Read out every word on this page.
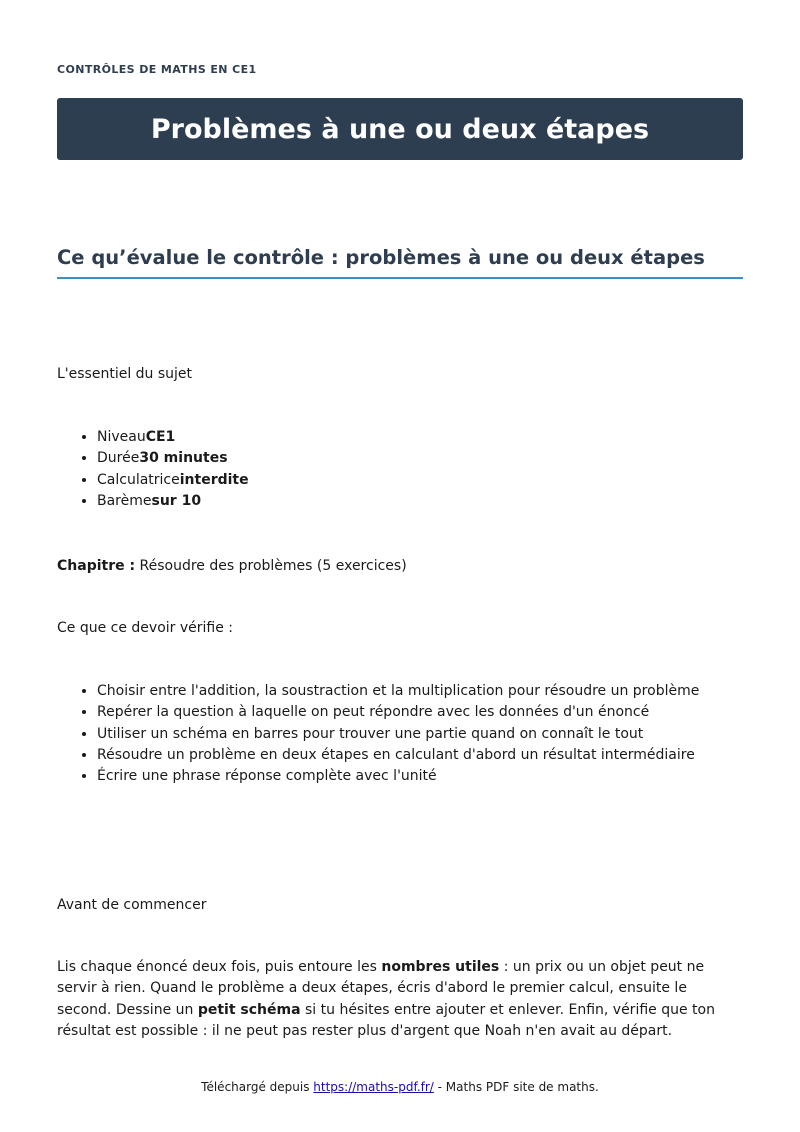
CONTRÔLES DE MATHS EN CE1
Problèmes à une ou deux étapes
Ce qu’évalue le contrôle : problèmes à une ou deux étapes
L'essentiel du sujet
• NiveauCE1
• Durée30 minutes
• Calculatriceinterdite
• Barèmesur 10
Chapitre : Résoudre des problèmes (5 exercices)
Ce que ce devoir vérifie :
• Choisir entre l'addition, la soustraction et la multiplication pour résoudre un problème
• Repérer la question à laquelle on peut répondre avec les données d'un énoncé
• Utiliser un schéma en barres pour trouver une partie quand on connaît le tout
• Résoudre un problème en deux étapes en calculant d'abord un résultat intermédiaire
• Écrire une phrase réponse complète avec l'unité
Avant de commencer

Lis chaque énoncé deux fois, puis entoure les nombres utiles : un prix ou un objet peut ne servir à rien. Quand le problème a deux étapes, écris d'abord le premier calcul, ensuite le second. Dessine un petit schéma si tu hésites entre ajouter et enlever. Enfin, vérifie que ton résultat est possible : il ne peut pas rester plus d'argent que Noah n'en avait au départ.

Téléchargé depuis https://maths-pdf.fr/ - Maths PDF site de maths.
